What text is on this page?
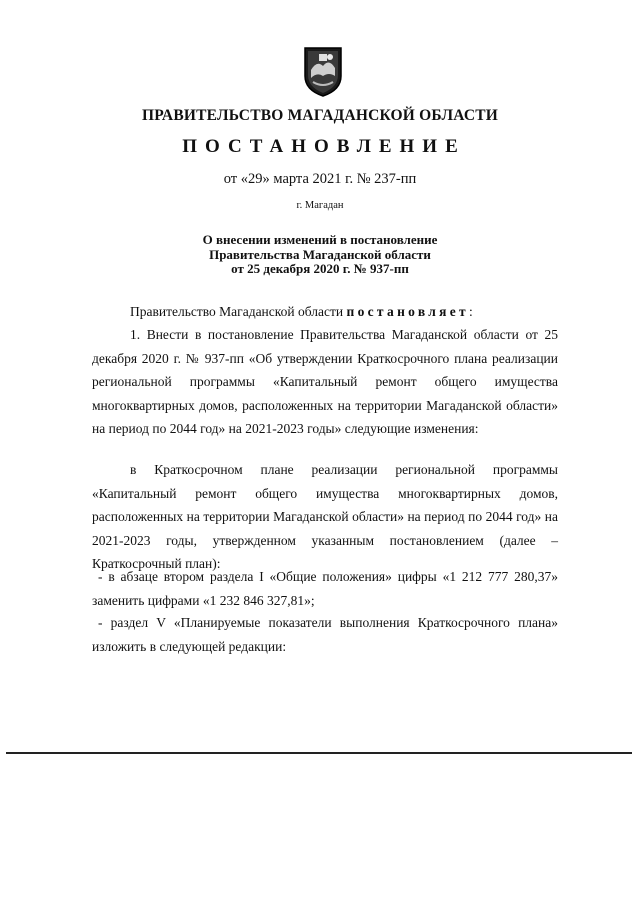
ПРАВИТЕЛЬСТВО МАГАДАНСКОЙ ОБЛАСТИ
ПОСТАНОВЛЕНИЕ
от «29» марта 2021 г. № 237-пп
г. Магадан
О внесении изменений в постановление
Правительства Магаданской области
от 25 декабря 2020 г. № 937-пп
Правительство Магаданской области постановляет:
1. Внести в постановление Правительства Магаданской области от 25 декабря 2020 г. № 937-пп «Об утверждении Краткосрочного плана реализации региональной программы «Капитальный ремонт общего имущества многоквартирных домов, расположенных на территории Магаданской области» на период по 2044 год» на 2021-2023 годы» следующие изменения:
в Краткосрочном плане реализации региональной программы «Капитальный ремонт общего имущества многоквартирных домов, расположенных на территории Магаданской области» на период по 2044 год» на 2021-2023 годы, утвержденном указанным постановлением (далее – Краткосрочный план):
- в абзаце втором раздела I «Общие положения» цифры «1 212 777 280,37» заменить цифрами «1 232 846 327,81»;
- раздел V «Планируемые показатели выполнения Краткосрочного плана» изложить в следующей редакции:
